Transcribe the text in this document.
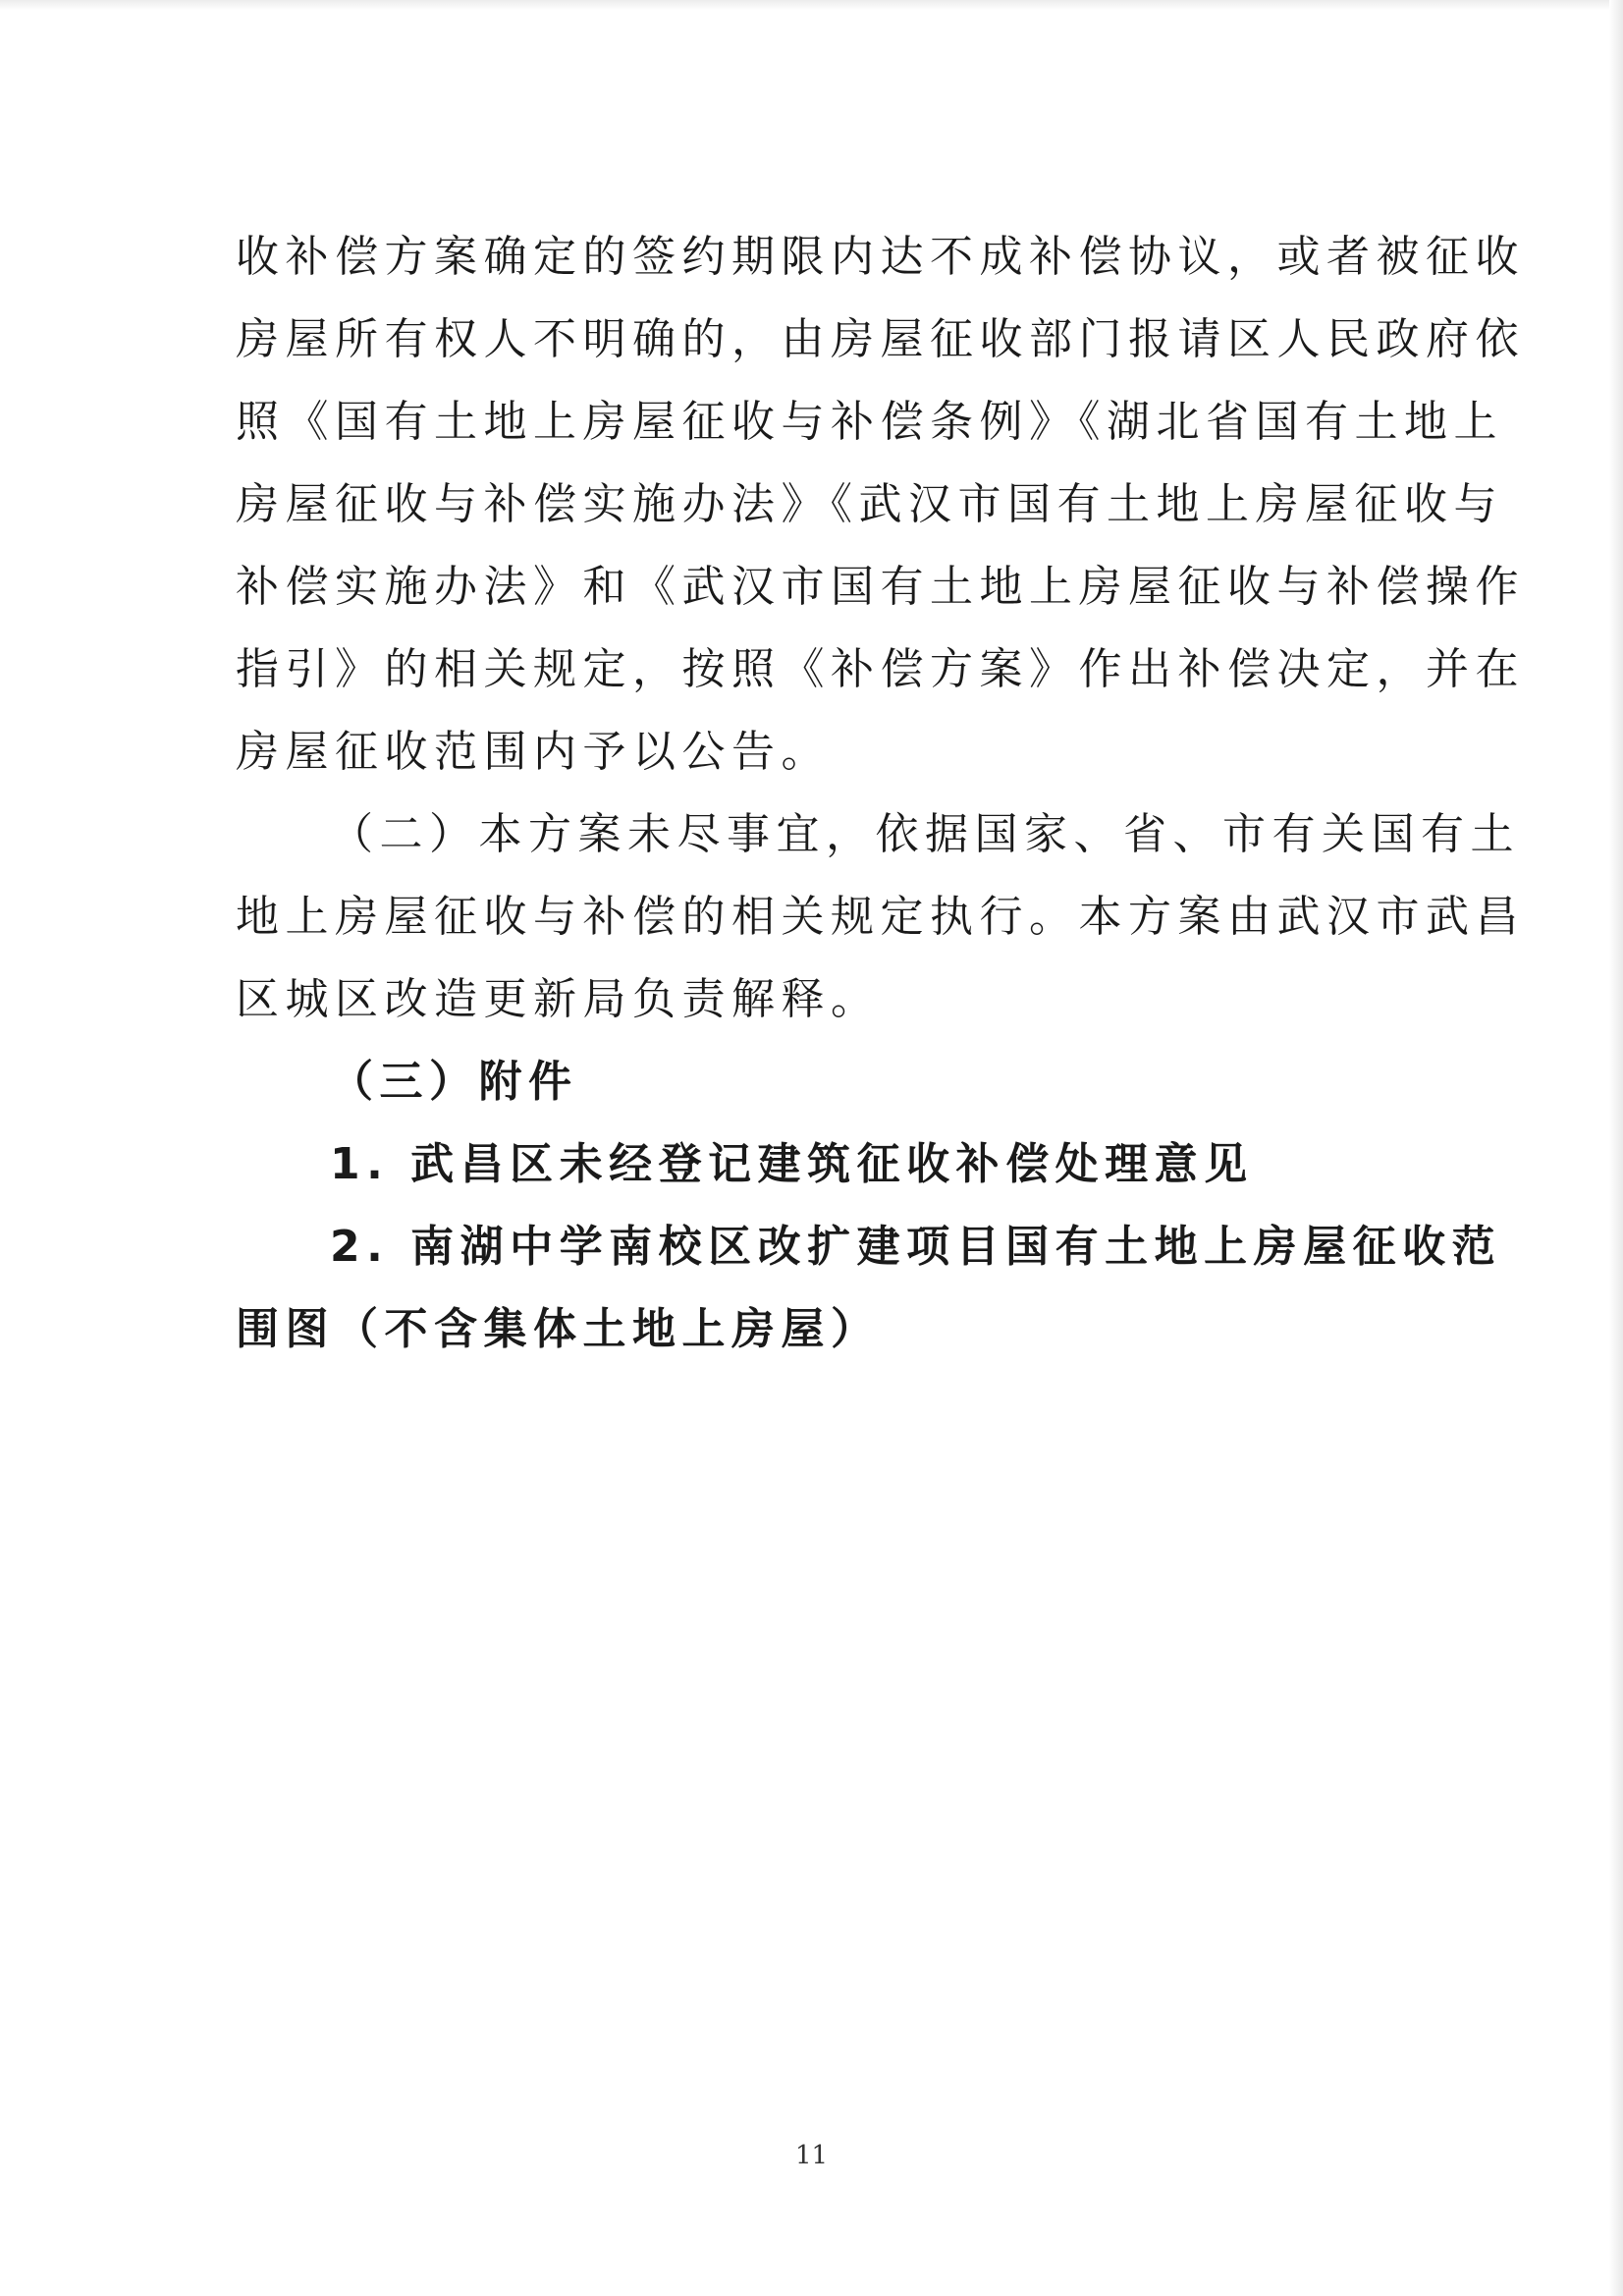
收补偿方案确定的签约期限内达不成补偿协议，或者被征收
房屋所有权人不明确的，由房屋征收部门报请区人民政府依
照《国有土地上房屋征收与补偿条例》《湖北省国有土地上
房屋征收与补偿实施办法》《武汉市国有土地上房屋征收与
补偿实施办法》和《武汉市国有土地上房屋征收与补偿操作
指引》的相关规定，按照《补偿方案》作出补偿决定，并在
房屋征收范围内予以公告。
（二）本方案未尽事宜，依据国家、省、市有关国有土
地上房屋征收与补偿的相关规定执行。本方案由武汉市武昌
区城区改造更新局负责解释。
（三）附件
1. 武昌区未经登记建筑征收补偿处理意见
2. 南湖中学南校区改扩建项目国有土地上房屋征收范
围图（不含集体土地上房屋）
11
